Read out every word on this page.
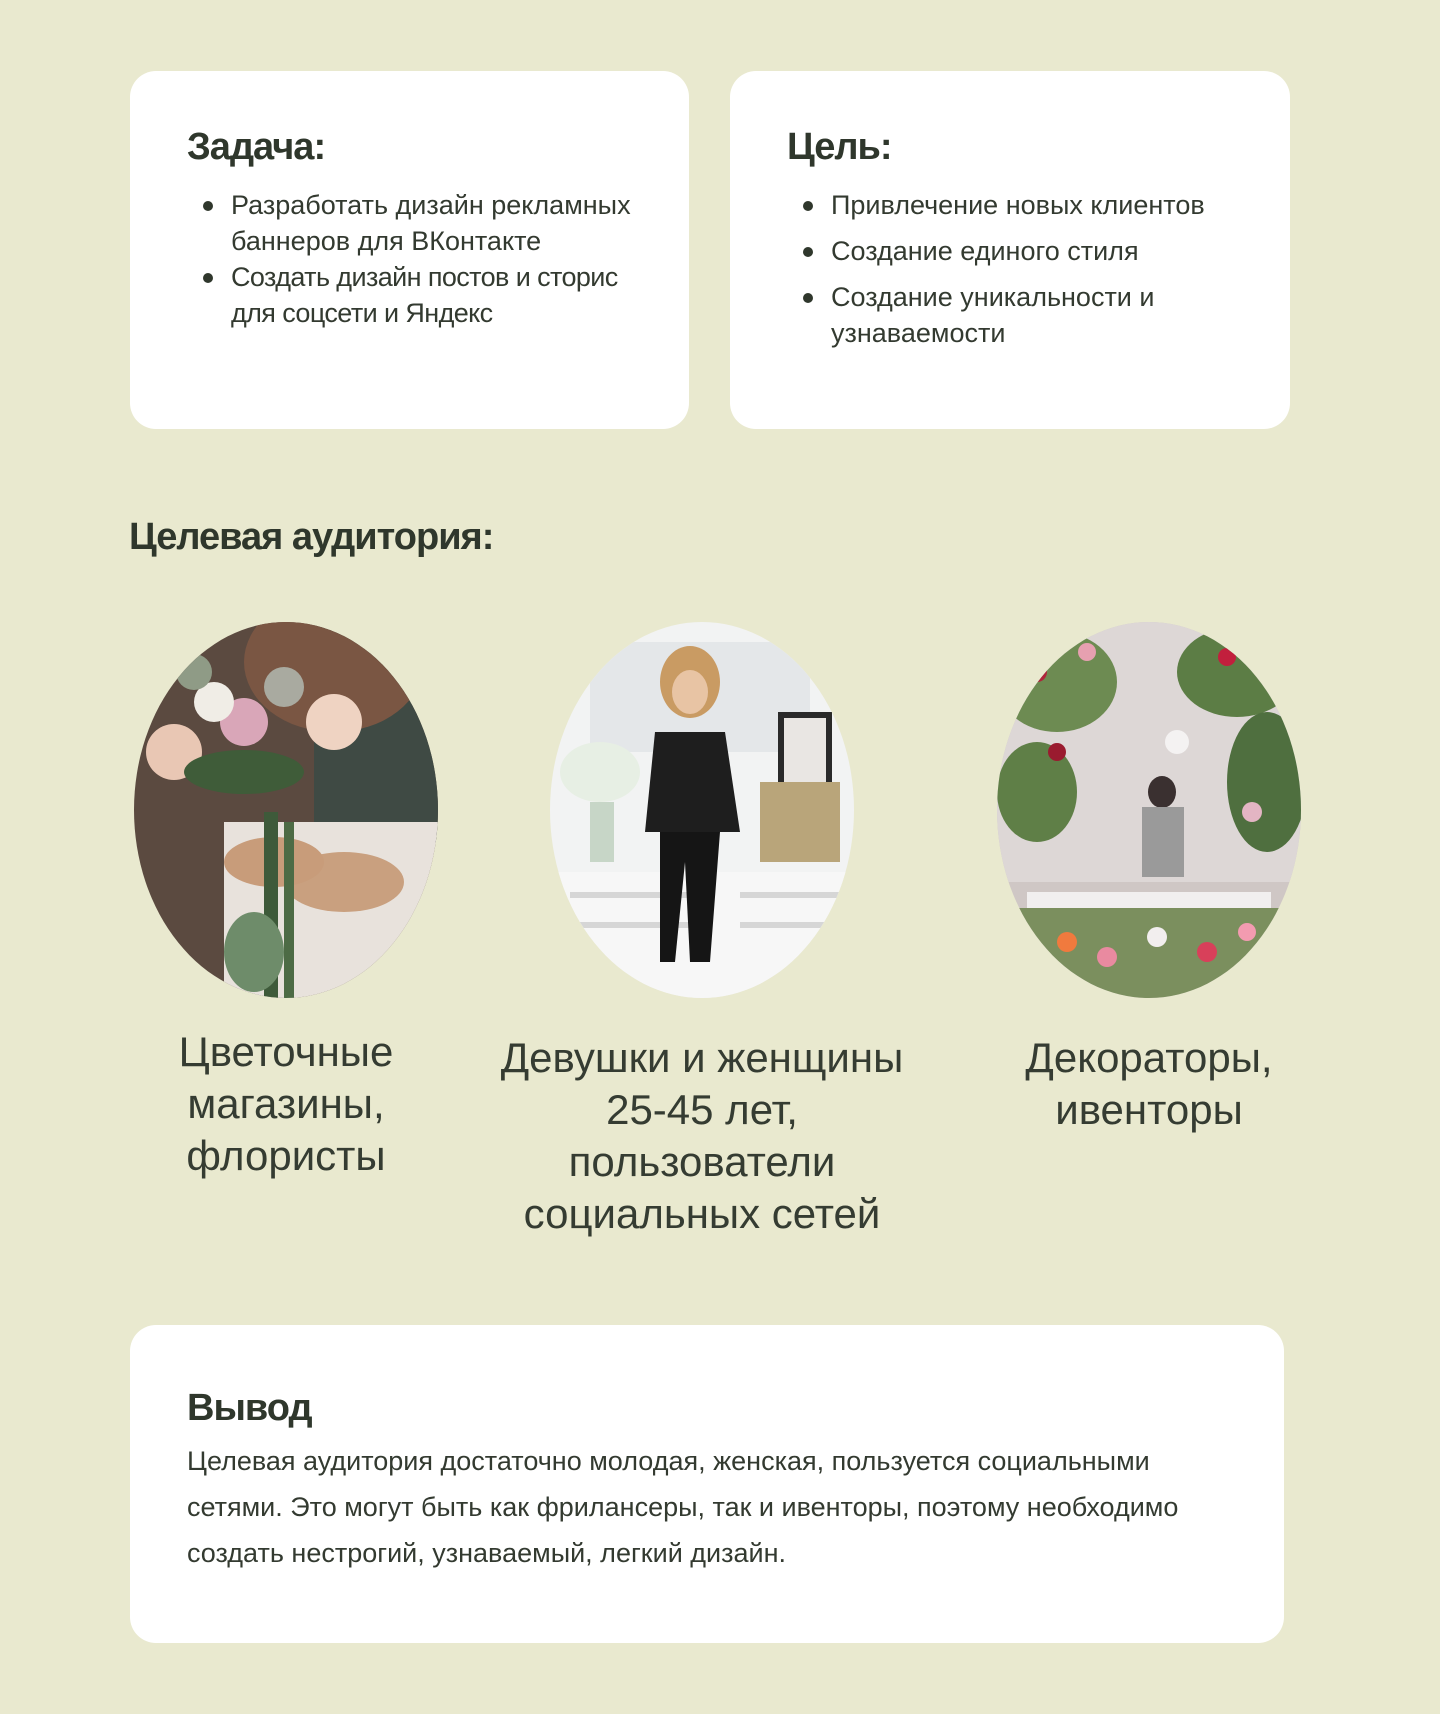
Задача:
Разработать дизайн рекламных баннеров для ВКонтакте
Создать дизайн постов и сторис для соцсети и Яндекс
Цель:
Привлечение новых клиентов
Создание единого стиля
Создание уникальности и узнаваемости
Целевая аудитория:
Цветочные магазины, флористы
Девушки и женщины 25-45 лет, пользователи социальных сетей
Декораторы, ивенторы
Вывод

Целевая аудитория достаточно молодая, женская, пользуется социальными сетями. Это могут быть как фрилансеры, так и ивенторы, поэтому необходимо создать нестрогий, узнаваемый, легкий дизайн.
